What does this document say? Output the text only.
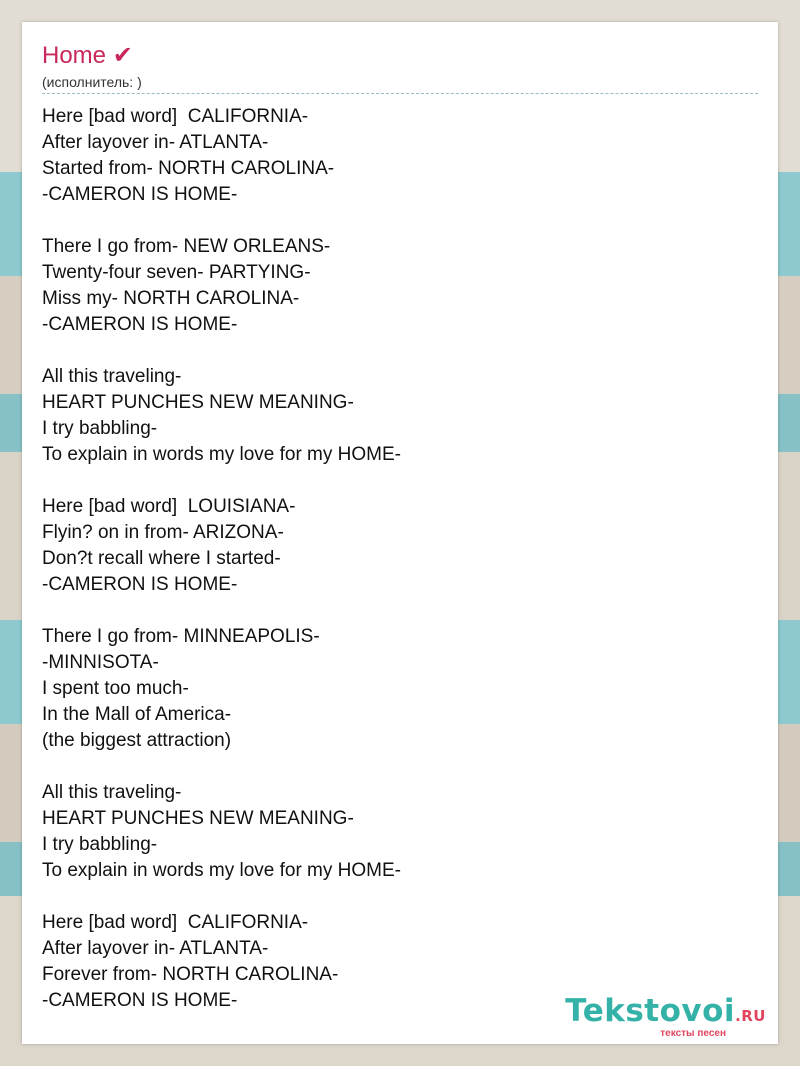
Home ✔
(исполнитель: )
Here [bad word]  CALIFORNIA-
After layover in- ATLANTA-
Started from- NORTH CAROLINA-
-CAMERON IS HOME-
There I go from- NEW ORLEANS-
Twenty-four seven- PARTYING-
Miss my- NORTH CAROLINA-
-CAMERON IS HOME-
All this traveling-
HEART PUNCHES NEW MEANING-
I try babbling-
To explain in words my love for my HOME-
Here [bad word]  LOUISIANA-
Flyin? on in from- ARIZONA-
Don?t recall where I started-
-CAMERON IS HOME-
There I go from- MINNEAPOLIS-
-MINNISOTA-
I spent too much-
In the Mall of America-
(the biggest attraction)
All this traveling-
HEART PUNCHES NEW MEANING-
I try babbling-
To explain in words my love for my HOME-
Here [bad word]  CALIFORNIA-
After layover in- ATLANTA-
Forever from- NORTH CAROLINA-
-CAMERON IS HOME-	Tekstovoi.RU
тексты песен
